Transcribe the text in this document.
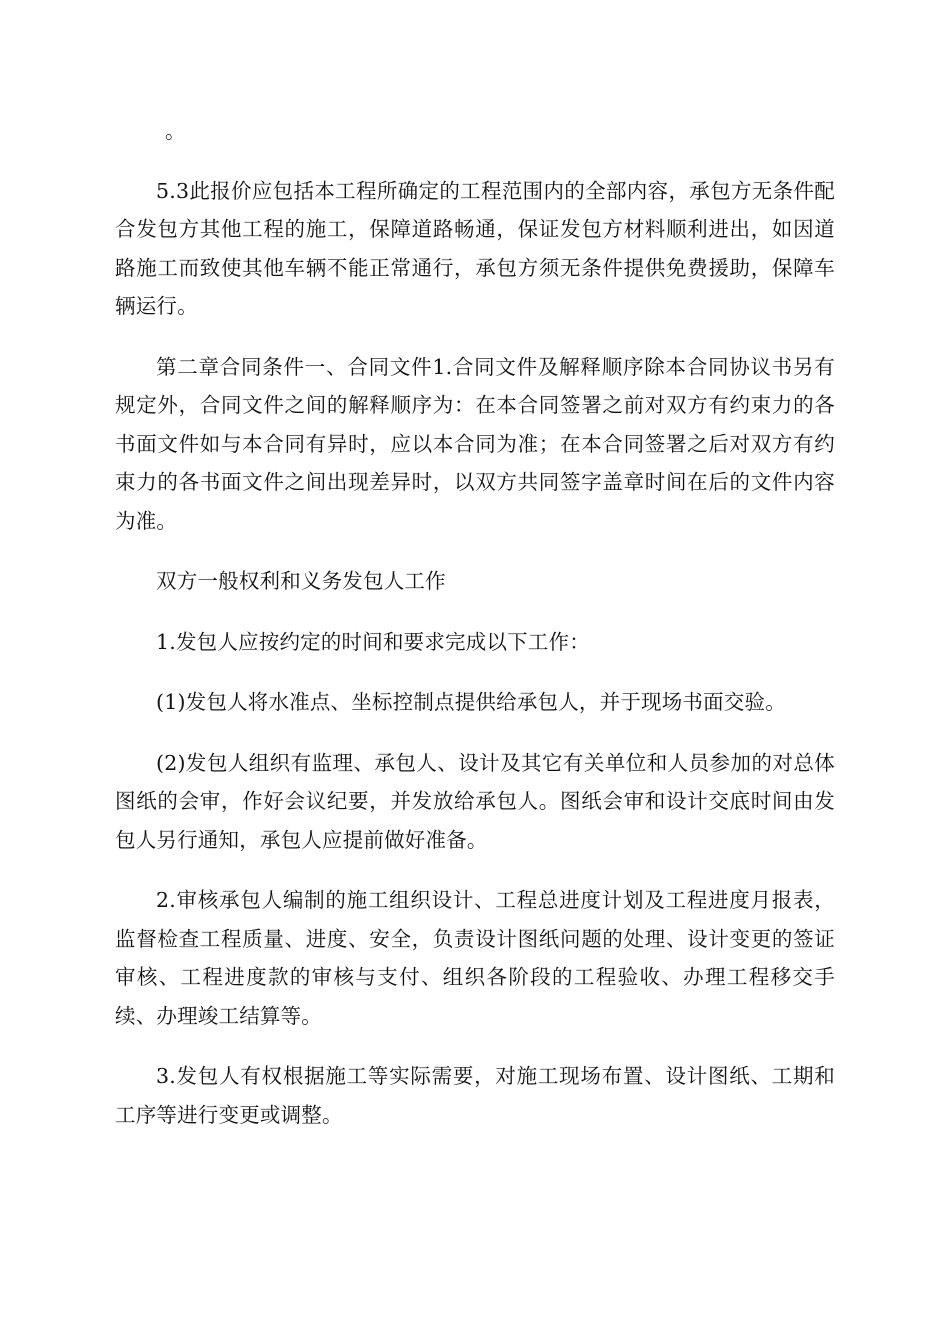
。

5.3此报价应包括本工程所确定的工程范围内的全部内容，承包方无条件配合发包方其他工程的施工，保障道路畅通，保证发包方材料顺利进出，如因道路施工而致使其他车辆不能正常通行，承包方须无条件提供免费援助，保障车辆运行。

第二章合同条件一、合同文件1.合同文件及解释顺序除本合同协议书另有规定外，合同文件之间的解释顺序为：在本合同签署之前对双方有约束力的各书面文件如与本合同有异时，应以本合同为准；在本合同签署之后对双方有约束力的各书面文件之间出现差异时，以双方共同签字盖章时间在后的文件内容为准。

双方一般权利和义务发包人工作

1.发包人应按约定的时间和要求完成以下工作：

(1)发包人将水准点、坐标控制点提供给承包人，并于现场书面交验。

(2)发包人组织有监理、承包人、设计及其它有关单位和人员参加的对总体图纸的会审，作好会议纪要，并发放给承包人。图纸会审和设计交底时间由发包人另行通知，承包人应提前做好准备。

2.审核承包人编制的施工组织设计、工程总进度计划及工程进度月报表，监督检查工程质量、进度、安全，负责设计图纸问题的处理、设计变更的签证审核、工程进度款的审核与支付、组织各阶段的工程验收、办理工程移交手续、办理竣工结算等。

3.发包人有权根据施工等实际需要，对施工现场布置、设计图纸、工期和工序等进行变更或调整。
